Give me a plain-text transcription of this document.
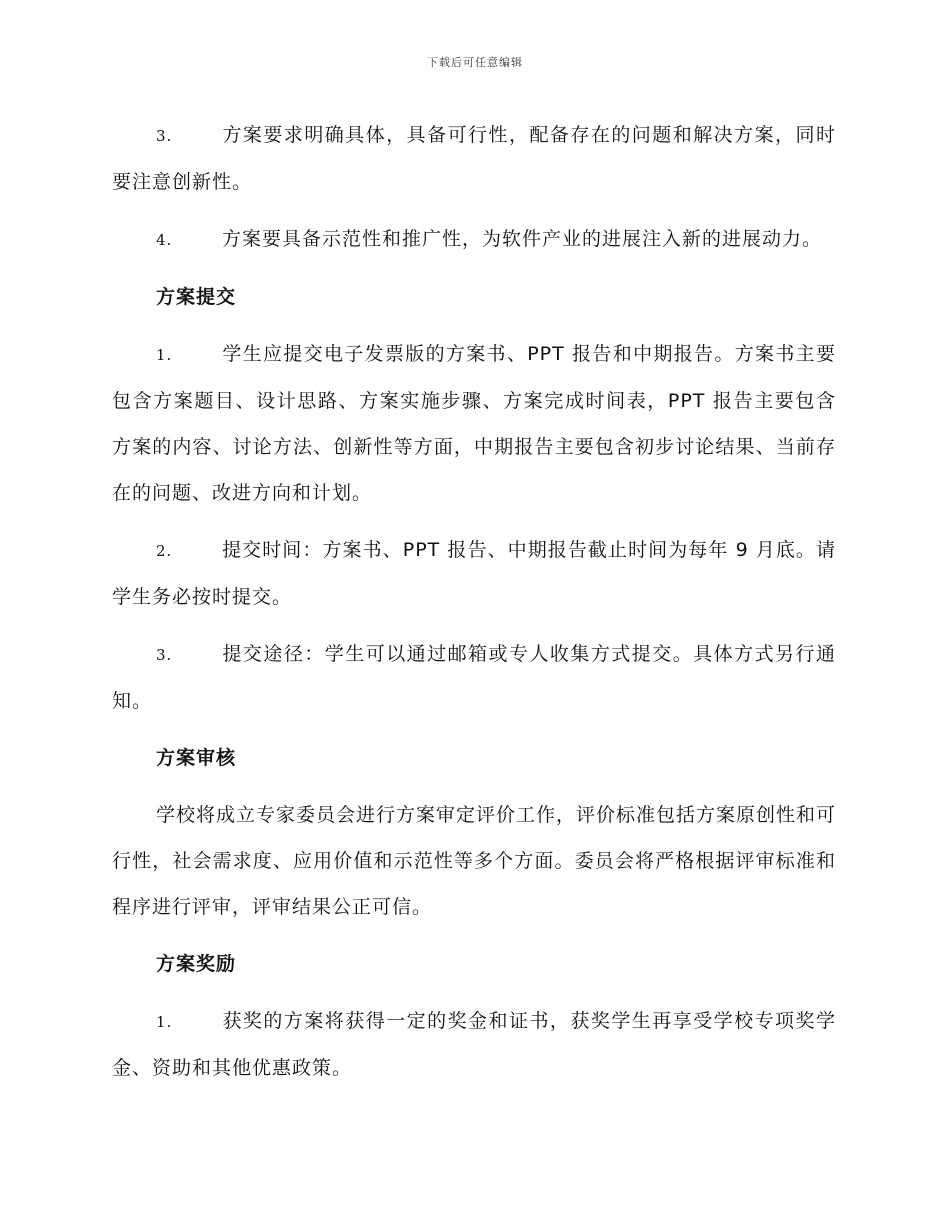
下载后可任意编辑

3.	方案要求明确具体，具备可行性，配备存在的问题和解决方案，同时要注意创新性。

4.	方案要具备示范性和推广性，为软件产业的进展注入新的进展动力。

方案提交

1.	学生应提交电子发票版的方案书、PPT 报告和中期报告。方案书主要包含方案题目、设计思路、方案实施步骤、方案完成时间表，PPT 报告主要包含方案的内容、讨论方法、创新性等方面，中期报告主要包含初步讨论结果、当前存在的问题、改进方向和计划。

2.	提交时间：方案书、PPT 报告、中期报告截止时间为每年 9 月底。请学生务必按时提交。

3.	提交途径：学生可以通过邮箱或专人收集方式提交。具体方式另行通知。

方案审核

学校将成立专家委员会进行方案审定评价工作，评价标准包括方案原创性和可行性，社会需求度、应用价值和示范性等多个方面。委员会将严格根据评审标准和程序进行评审，评审结果公正可信。

方案奖励

1.	获奖的方案将获得一定的奖金和证书，获奖学生再享受学校专项奖学金、资助和其他优惠政策。
